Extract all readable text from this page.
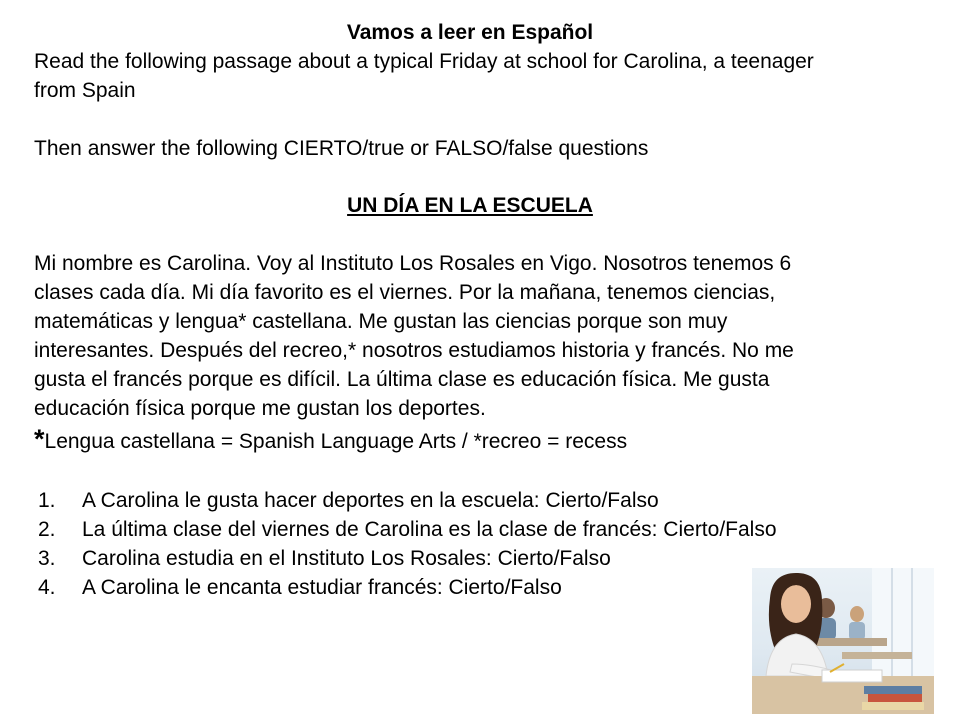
Vamos a leer en Español
Read the following passage about a typical Friday at school for Carolina, a teenager
from Spain
Then answer the following CIERTO/true or FALSO/false questions
UN DÍA EN LA ESCUELA
Mi nombre es Carolina. Voy al Instituto Los Rosales en Vigo. Nosotros tenemos 6
clases cada día. Mi día favorito es el viernes. Por la mañana, tenemos ciencias,
matemáticas y lengua* castellana. Me gustan las ciencias porque son muy
interesantes. Después del recreo,* nosotros estudiamos historia y francés. No me
gusta el francés porque es difícil. La última clase es educación física. Me gusta
educación física porque me gustan los deportes.
*Lengua castellana = Spanish Language Arts / *recreo = recess
1. A Carolina le gusta hacer deportes en la escuela: Cierto/Falso
2. La última clase del viernes de Carolina es la clase de francés: Cierto/Falso
3. Carolina estudia en el Instituto Los Rosales: Cierto/Falso
4. A Carolina le encanta estudiar francés: Cierto/Falso
